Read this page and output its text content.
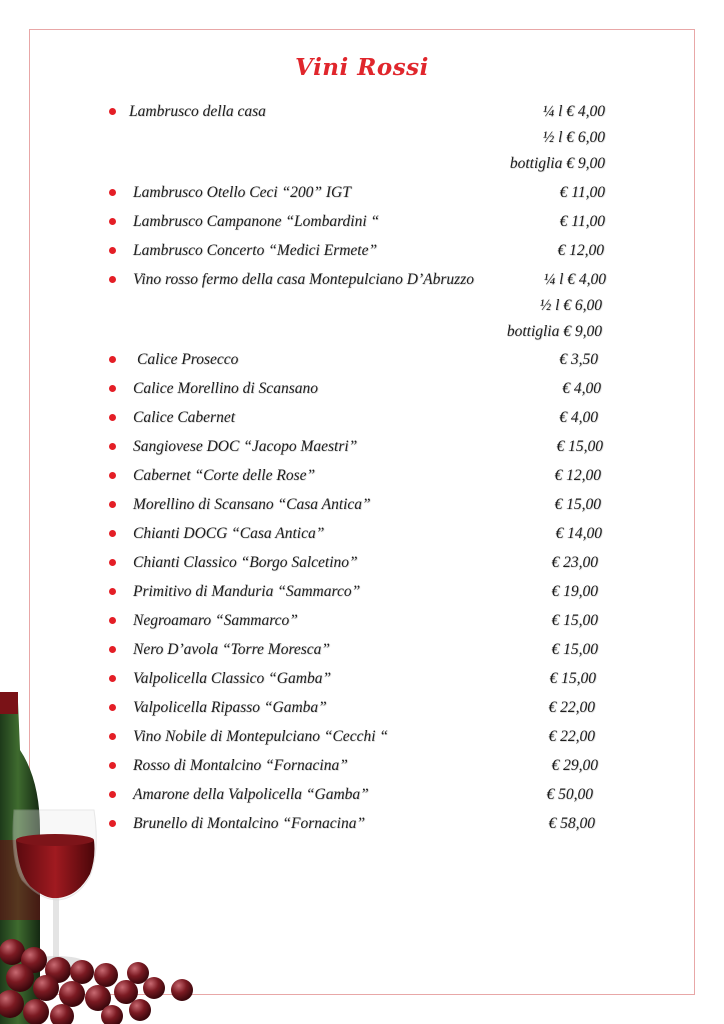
Vini Rossi
Lambrusco della casa	¼ l € 4,00
½ l € 6,00
bottiglia € 9,00
Lambrusco Otello Ceci “200” IGT	€ 11,00
Lambrusco Campanone “Lombardini “	€ 11,00
Lambrusco Concerto “Medici Ermete”	€ 12,00
Vino rosso fermo della casa Montepulciano D’Abruzzo	¼ l € 4,00
½ l € 6,00
bottiglia € 9,00
Calice Prosecco	€ 3,50
Calice Morellino di Scansano	€ 4,00
Calice Cabernet	€ 4,00
Sangiovese DOC “Jacopo Maestri”	€ 15,00
Cabernet “Corte delle Rose”	€ 12,00
Morellino di Scansano “Casa Antica”	€ 15,00
Chianti DOCG “Casa Antica”	€ 14,00
Chianti Classico “Borgo Salcetino”	€ 23,00
Primitivo di Manduria “Sammarco”	€ 19,00
Negroamaro “Sammarco”	€ 15,00
Nero D’avola “Torre Moresca”	€ 15,00
Valpolicella Classico “Gamba”	€ 15,00
Valpolicella Ripasso “Gamba”	€ 22,00
Vino Nobile di Montepulciano “Cecchi “	€ 22,00
Rosso di Montalcino “Fornacina”	€ 29,00
Amarone della Valpolicella “Gamba”	€ 50,00
Brunello di Montalcino “Fornacina”	€ 58,00
